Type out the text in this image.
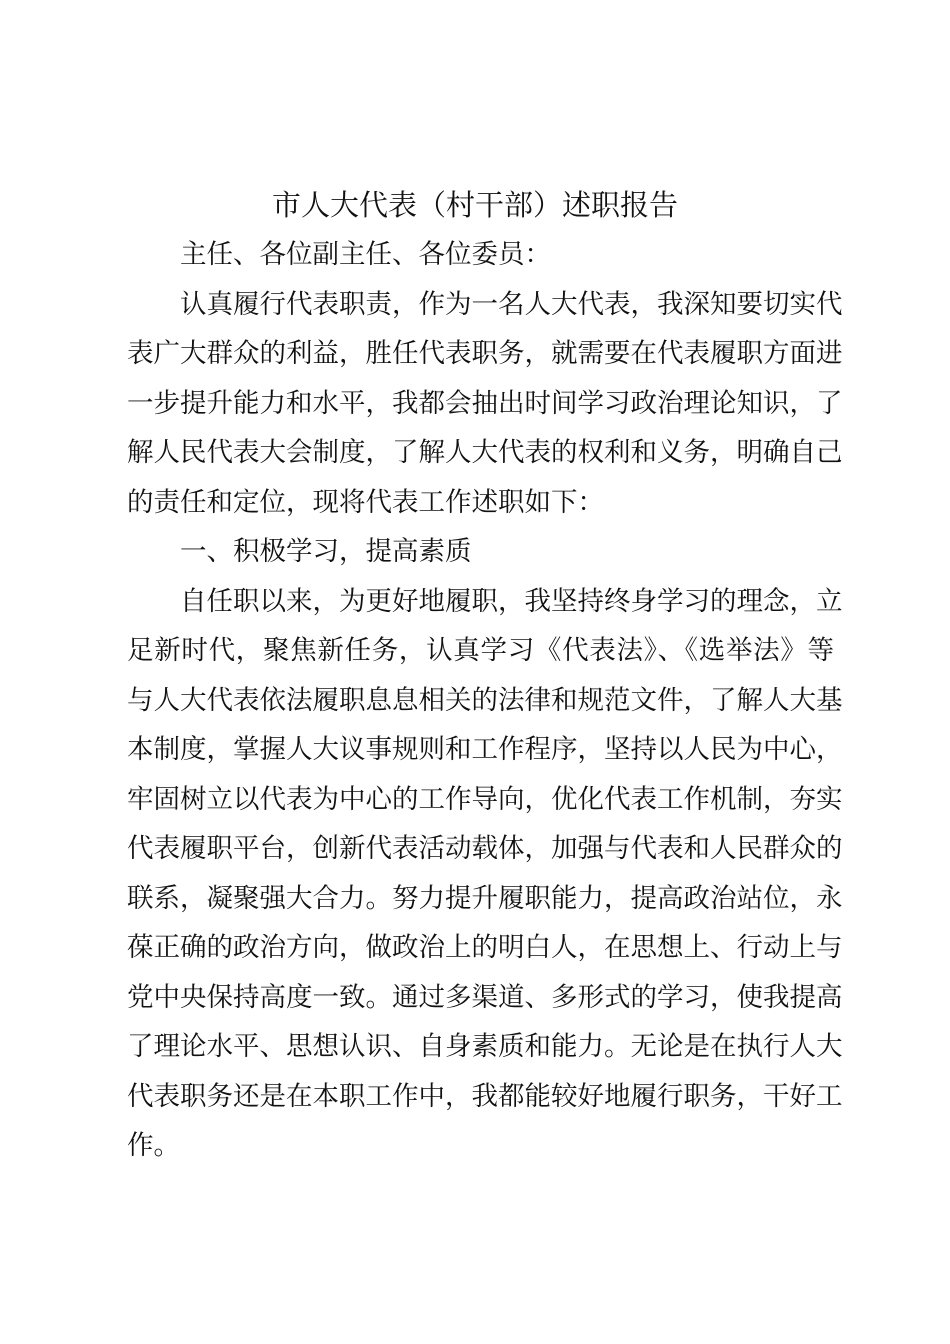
市人大代表（村干部）述职报告
主任、各位副主任、各位委员：
认真履行代表职责，作为一名人大代表，我深知要切实代
表广大群众的利益，胜任代表职务，就需要在代表履职方面进
一步提升能力和水平，我都会抽出时间学习政治理论知识，了
解人民代表大会制度，了解人大代表的权利和义务，明确自己
的责任和定位，现将代表工作述职如下：
一、积极学习，提高素质
自任职以来，为更好地履职，我坚持终身学习的理念，立
足新时代，聚焦新任务，认真学习《代表法》、《选举法》等
与人大代表依法履职息息相关的法律和规范文件，了解人大基
本制度，掌握人大议事规则和工作程序，坚持以人民为中心，
牢固树立以代表为中心的工作导向，优化代表工作机制，夯实
代表履职平台，创新代表活动载体，加强与代表和人民群众的
联系，凝聚强大合力。努力提升履职能力，提高政治站位，永
葆正确的政治方向，做政治上的明白人，在思想上、行动上与
党中央保持高度一致。通过多渠道、多形式的学习，使我提高
了理论水平、思想认识、自身素质和能力。无论是在执行人大
代表职务还是在本职工作中，我都能较好地履行职务，干好工
作。
